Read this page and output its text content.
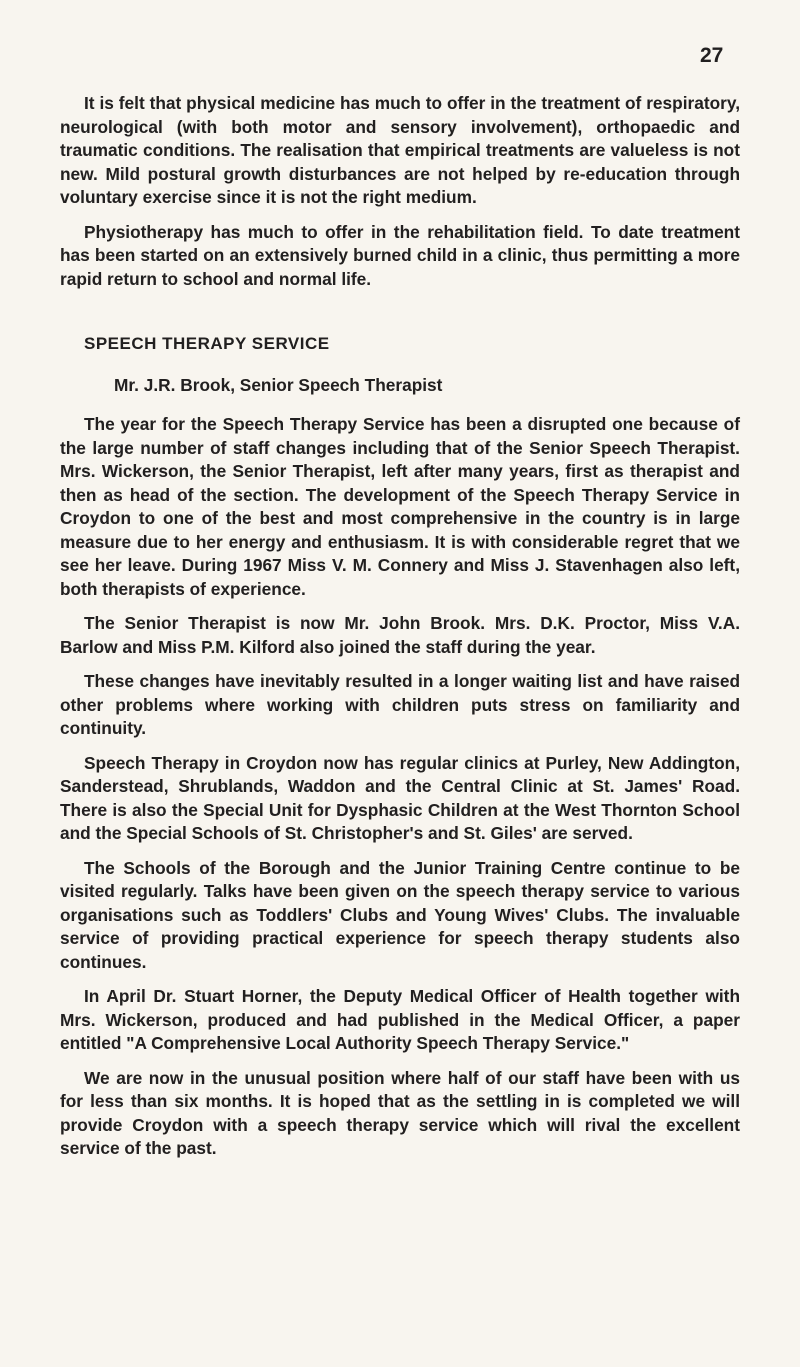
27

It is felt that physical medicine has much to offer in the treatment of respiratory, neurological (with both motor and sensory involvement), orthopaedic and traumatic conditions. The realisation that empirical treatments are valueless is not new. Mild postural growth disturbances are not helped by re-education through voluntary exercise since it is not the right medium.

Physiotherapy has much to offer in the rehabilitation field. To date treatment has been started on an extensively burned child in a clinic, thus permitting a more rapid return to school and normal life.

SPEECH THERAPY SERVICE
Mr. J.R. Brook, Senior Speech Therapist

The year for the Speech Therapy Service has been a disrupted one because of the large number of staff changes including that of the Senior Speech Therapist. Mrs. Wickerson, the Senior Therapist, left after many years, first as therapist and then as head of the section. The development of the Speech Therapy Service in Croydon to one of the best and most comprehensive in the country is in large measure due to her energy and enthusiasm. It is with considerable regret that we see her leave. During 1967 Miss V. M. Connery and Miss J. Stavenhagen also left, both therapists of experience.

The Senior Therapist is now Mr. John Brook. Mrs. D.K. Proctor, Miss V.A. Barlow and Miss P.M. Kilford also joined the staff during the year.

These changes have inevitably resulted in a longer waiting list and have raised other problems where working with children puts stress on familiarity and continuity.

Speech Therapy in Croydon now has regular clinics at Purley, New Addington, Sanderstead, Shrublands, Waddon and the Central Clinic at St. James' Road. There is also the Special Unit for Dysphasic Children at the West Thornton School and the Special Schools of St. Christopher's and St. Giles' are served.

The Schools of the Borough and the Junior Training Centre continue to be visited regularly. Talks have been given on the speech therapy service to various organisations such as Toddlers' Clubs and Young Wives' Clubs. The invaluable service of providing practical experience for speech therapy students also continues.

In April Dr. Stuart Horner, the Deputy Medical Officer of Health together with Mrs. Wickerson, produced and had published in the Medical Officer, a paper entitled "A Comprehensive Local Authority Speech Therapy Service."

We are now in the unusual position where half of our staff have been with us for less than six months. It is hoped that as the settling in is completed we will provide Croydon with a speech therapy service which will rival the excellent service of the past.
